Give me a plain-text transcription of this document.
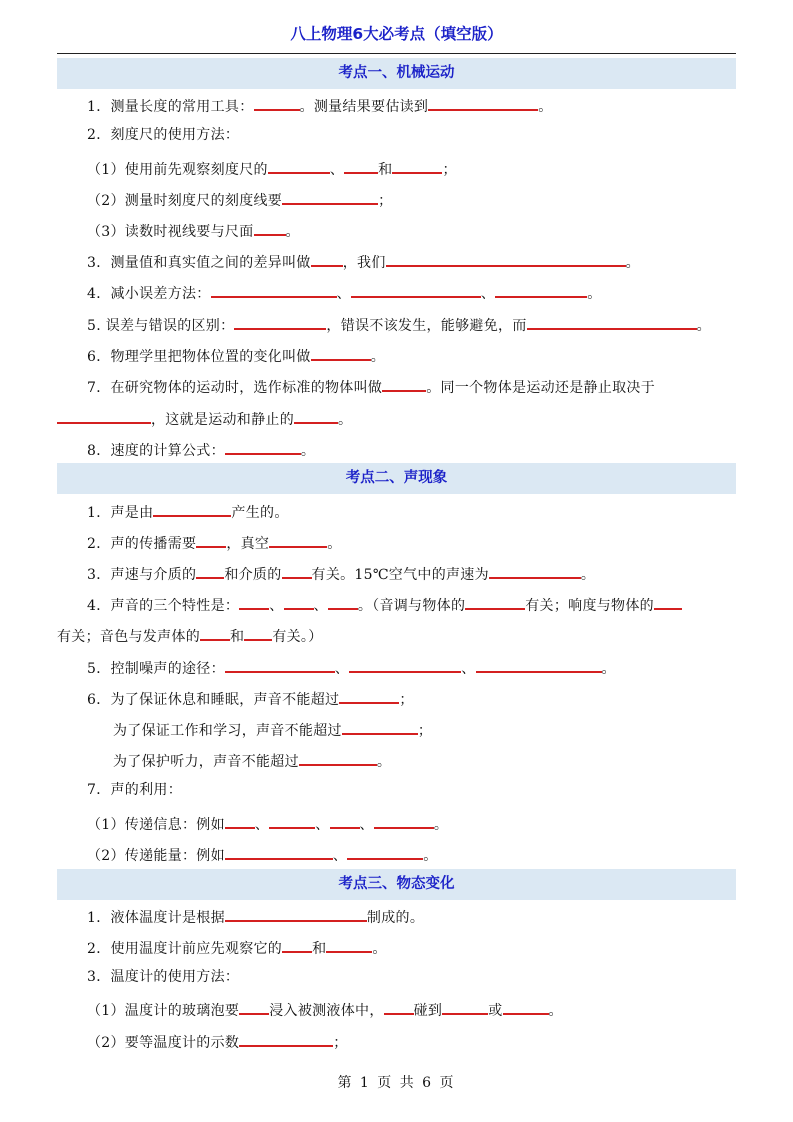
八上物理6大必考点（填空版）
考点一、机械运动
1．测量长度的常用工具：	。测量结果要估读到	。
2．刻度尺的使用方法：
（1）使用前先观察刻度尺的	、 和	；
（2）测量时刻度尺的刻度线要	；
（3）读数时视线要与尺面 。
3．测量值和真实值之间的差异叫做 ，我们	。
4．减小误差方法：	、	、	。
5. 误差与错误的区别：	，错误不该发生，能够避免，而	。
6．物理学里把物体位置的变化叫做	。
7．在研究物体的运动时，选作标准的物体叫做	。同一个物体是运动还是静止取决于
，这就是运动和静止的	。
8．速度的计算公式：	。
考点二、声现象
1．声是由	产生的。
2．声的传播需要 ，真空	。
3．声速与介质的 和介质的 有关。15℃空气中的声速为	。
4．声音的三个特性是： 、 、 。（音调与物体的	有关；响度与物体的
有关；音色与发声体的 和 有关。）
5．控制噪声的途径：	、	、	。
6．为了保证休息和睡眠，声音不能超过	；
为了保证工作和学习，声音不能超过	；
为了保护听力，声音不能超过	。
7．声的利用：
（1）传递信息：例如 、	、 、	。
（2）传递能量：例如	、	。
考点三、物态变化
1．液体温度计是根据	制成的。
2．使用温度计前应先观察它的 和	。
3．温度计的使用方法：
（1）温度计的玻璃泡要 浸入被测液体中， 碰到	或	。
（2）要等温度计的示数	；
第 1 页 共 6 页
